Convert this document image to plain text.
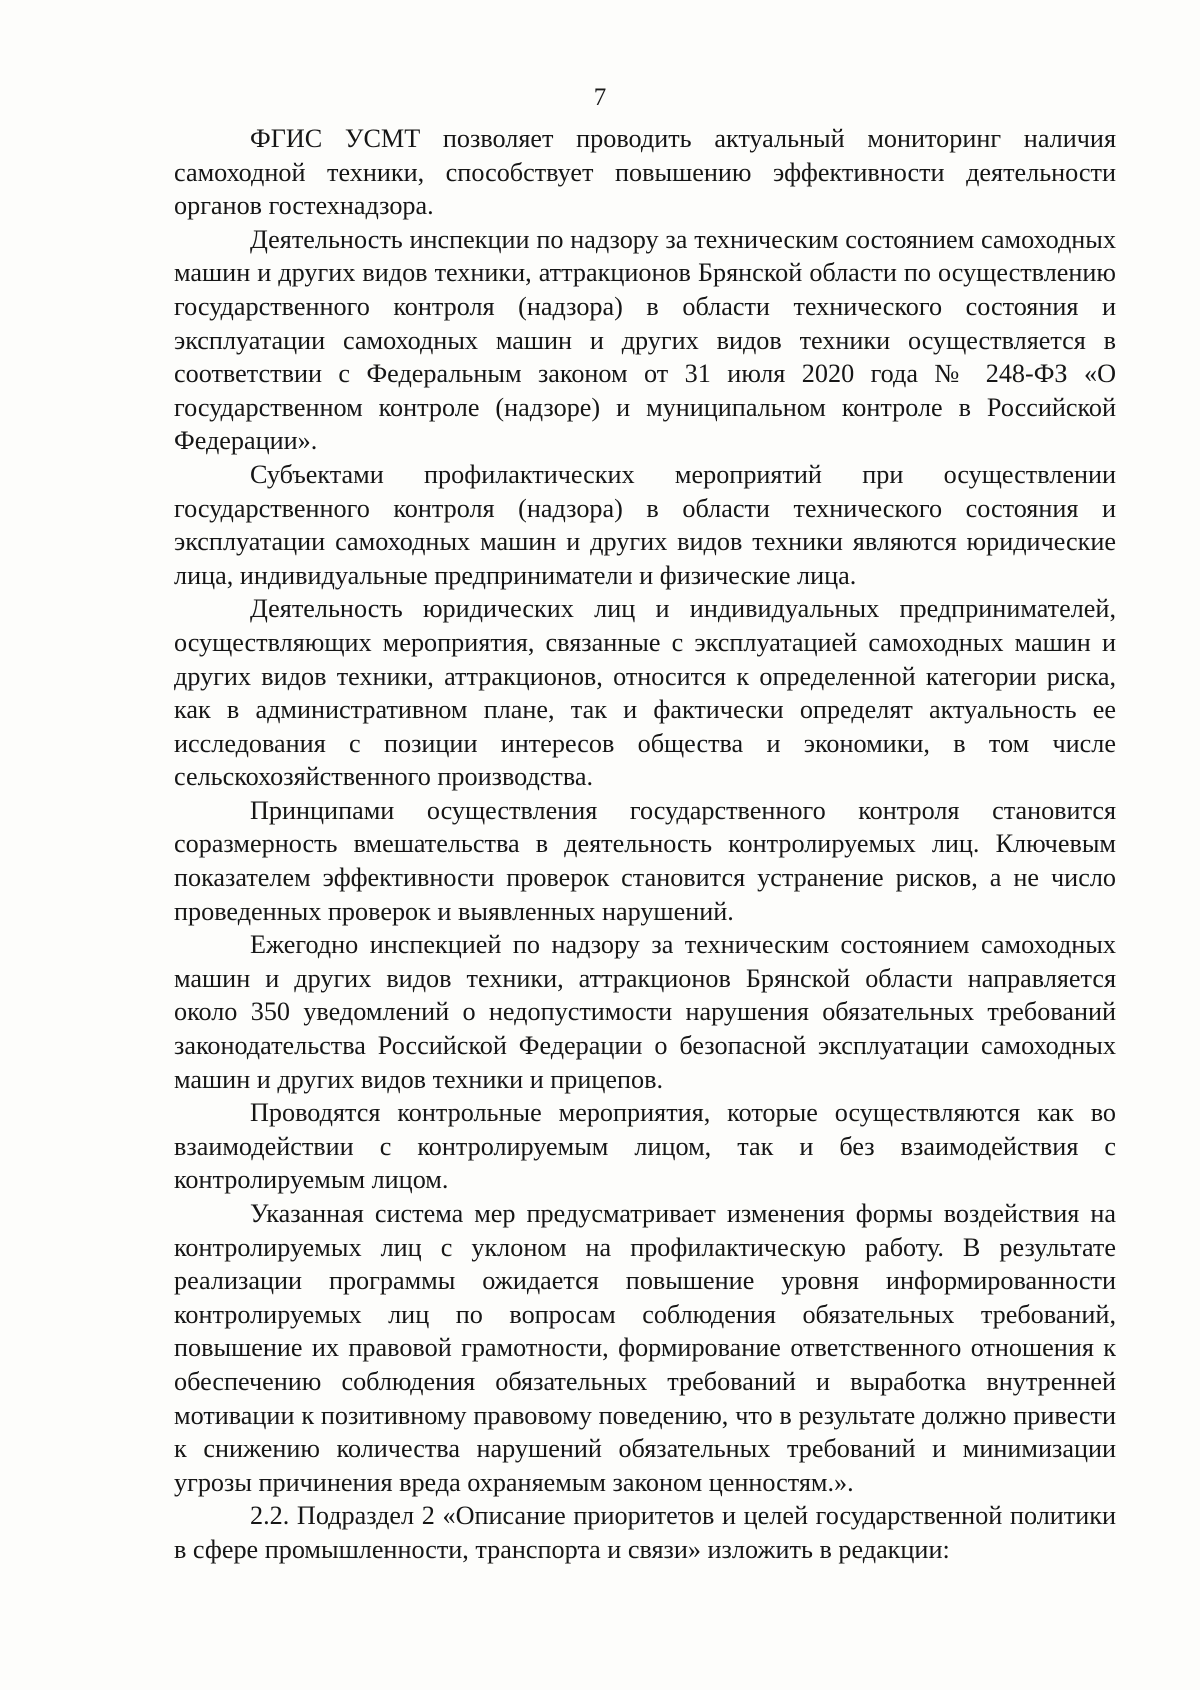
7

ФГИС УСМТ позволяет проводить актуальный мониторинг наличия самоходной техники, способствует повышению эффективности деятельности органов гостехнадзора.

Деятельность инспекции по надзору за техническим состоянием самоходных машин и других видов техники, аттракционов Брянской области по осуществлению государственного контроля (надзора) в области технического состояния и эксплуатации самоходных машин и других видов техники осуществляется в соответствии с Федеральным законом от 31 июля 2020 года № 248-ФЗ «О государственном контроле (надзоре) и муниципальном контроле в Российской Федерации».

Субъектами профилактических мероприятий при осуществлении государственного контроля (надзора) в области технического состояния и эксплуатации самоходных машин и других видов техники являются юридические лица, индивидуальные предприниматели и физические лица.

Деятельность юридических лиц и индивидуальных предпринимателей, осуществляющих мероприятия, связанные с эксплуатацией самоходных машин и других видов техники, аттракционов, относится к определенной категории риска, как в административном плане, так и фактически определят актуальность ее исследования с позиции интересов общества и экономики, в том числе сельскохозяйственного производства.

Принципами осуществления государственного контроля становится соразмерность вмешательства в деятельность контролируемых лиц. Ключевым показателем эффективности проверок становится устранение рисков, а не число проведенных проверок и выявленных нарушений.

Ежегодно инспекцией по надзору за техническим состоянием самоходных машин и других видов техники, аттракционов Брянской области направляется около 350 уведомлений о недопустимости нарушения обязательных требований законодательства Российской Федерации о безопасной эксплуатации самоходных машин и других видов техники и прицепов.

Проводятся контрольные мероприятия, которые осуществляются как во взаимодействии с контролируемым лицом, так и без взаимодействия с контролируемым лицом.

Указанная система мер предусматривает изменения формы воздействия на контролируемых лиц с уклоном на профилактическую работу. В результате реализации программы ожидается повышение уровня информированности контролируемых лиц по вопросам соблюдения обязательных требований, повышение их правовой грамотности, формирование ответственного отношения к обеспечению соблюдения обязательных требований и выработка внутренней мотивации к позитивному правовому поведению, что в результате должно привести к снижению количества нарушений обязательных требований и минимизации угрозы причинения вреда охраняемым законом ценностям.».

2.2. Подраздел 2 «Описание приоритетов и целей государственной политики в сфере промышленности, транспорта и связи» изложить в редакции:
